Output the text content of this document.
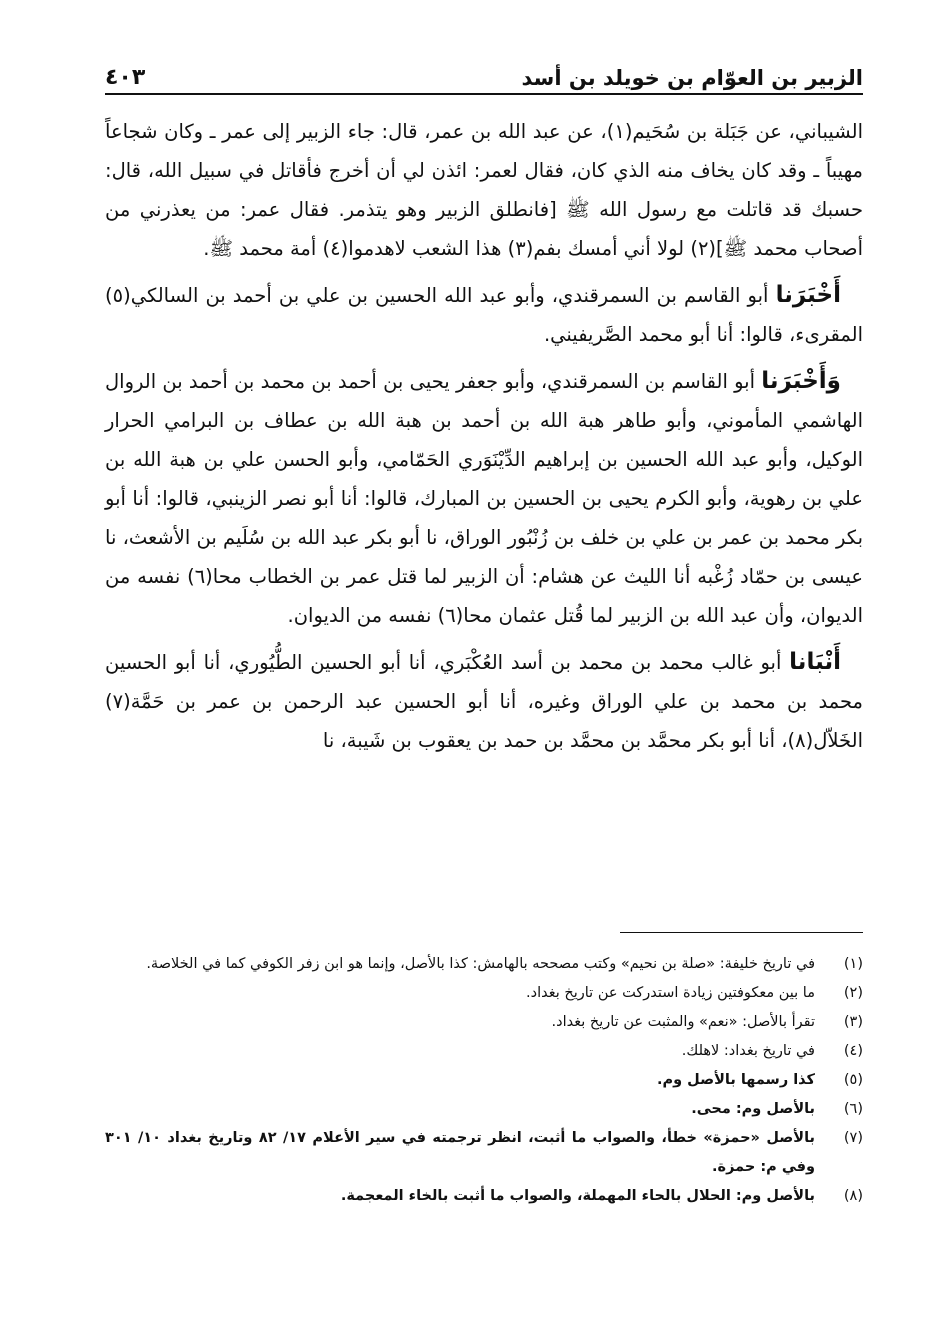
الزبير بن العوّام بن خويلد بن أسد
٤٠٣

الشيباني، عن جَبَلة بن سُحَيم(١)، عن عبد الله بن عمر، قال: جاء الزبير إلى عمر ـ وكان شجاعاً مهيباً ـ وقد كان يخاف منه الذي كان، فقال لعمر: ائذن لي أن أخرج فأقاتل في سبيل الله، قال: حسبك قد قاتلت مع رسول الله ﷺ [فانطلق الزبير وهو يتذمر. فقال عمر: من يعذرني من أصحاب محمد ﷺ](٢) لولا أني أمسك بفم(٣) هذا الشعب لاهدموا(٤) أمة محمد ﷺ.

أَخْبَرَنا أبو القاسم بن السمرقندي، وأبو عبد الله الحسين بن علي بن أحمد بن السالكي(٥) المقرىء، قالوا: أنا أبو محمد الصَّريفيني.

وَأَخْبَرَنا أبو القاسم بن السمرقندي، وأبو جعفر يحيى بن أحمد بن محمد بن أحمد بن الروال الهاشمي المأموني، وأبو طاهر هبة الله بن أحمد بن هبة الله بن عطاف بن البرامي الحرار الوكيل، وأبو عبد الله الحسين بن إبراهيم الدِّيْنَوَري الحَمّامي، وأبو الحسن علي بن هبة الله بن علي بن رهوية، وأبو الكرم يحيى بن الحسين بن المبارك، قالوا: أنا أبو نصر الزينبي، قالوا: أنا أبو بكر محمد بن عمر بن علي بن خلف بن زُنْبُور الوراق، نا أبو بكر عبد الله بن سُلَيم بن الأشعث، نا عيسى بن حمّاد زُغْبه أنا الليث عن هشام: أن الزبير لما قتل عمر بن الخطاب محا(٦) نفسه من الديوان، وأن عبد الله بن الزبير لما قُتل عثمان محا(٦) نفسه من الديوان.

أَنْبَانا أبو غالب محمد بن محمد بن أسد العُكْبَري، أنا أبو الحسين الطُّيُوري، أنا أبو الحسين محمد بن محمد بن علي الوراق وغيره، أنا أبو الحسين عبد الرحمن بن عمر بن حَمَّة(٧) الخَلاّل(٨)، أنا أبو بكر محمَّد بن محمَّد بن حمد بن يعقوب بن شَيبة، نا

(١)
في تاريخ خليفة: «صلة بن نحيم» وكتب مصححه بالهامش: كذا بالأصل، وإنما هو ابن زفر الكوفي كما في الخلاصة.
(٢)
ما بين معكوفتين زيادة استدركت عن تاريخ بغداد.
(٣)
تقرأ بالأصل: «نعم» والمثبت عن تاريخ بغداد.
(٤)
في تاريخ بغداد: لاهلك.
(٥)
كذا رسمها بالأصل وم.
(٦)
بالأصل وم: محى.
(٧)
بالأصل «حمزة» خطأ، والصواب ما أثبت، انظر ترجمته في سير الأعلام ١٧/ ٨٢ وتاريخ بغداد ١٠/ ٣٠١ وفي م: حمزة.
(٨)
بالأصل وم: الحلال بالحاء المهملة، والصواب ما أثبت بالخاء المعجمة.
